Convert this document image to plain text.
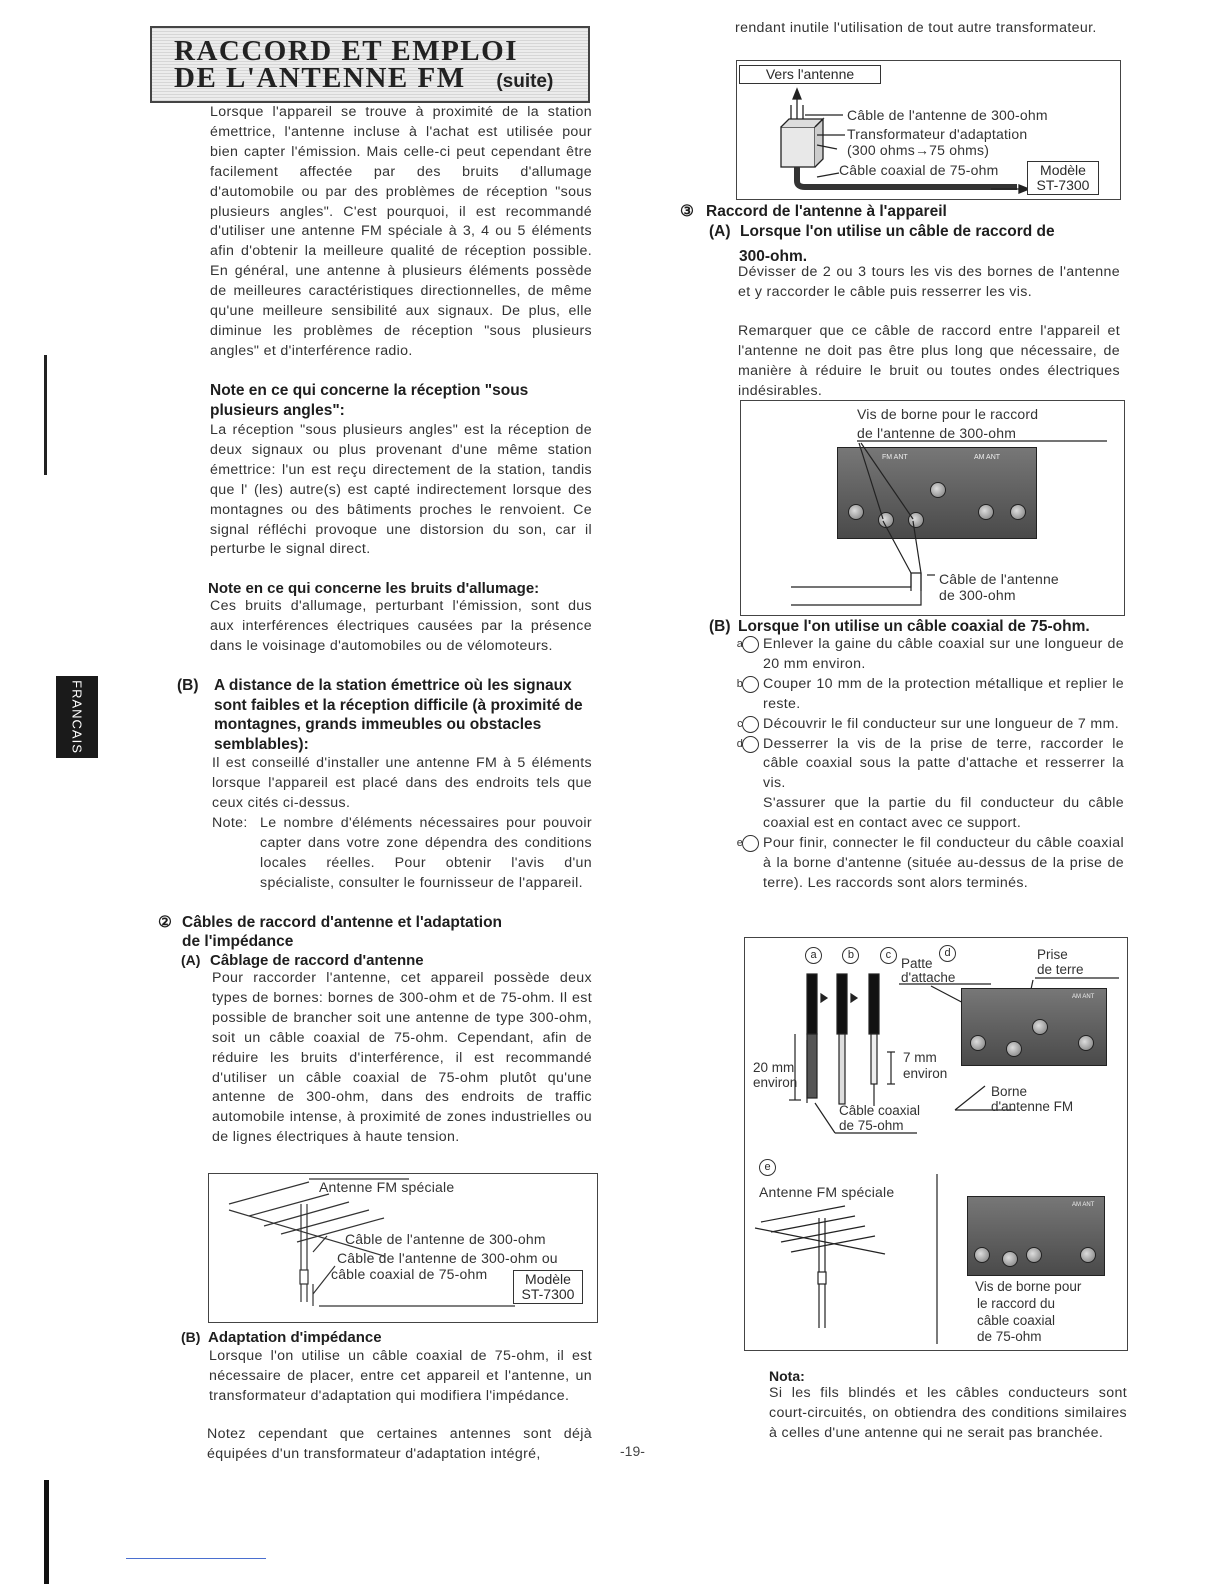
FRANCAIS
RACCORD ET EMPLOI
DE L'ANTENNE FM (suite)

Lorsque l'appareil se trouve à proximité de la station émettrice, l'antenne incluse à l'achat est utilisée pour bien capter l'émission. Mais celle-ci peut cependant être facilement affectée par des bruits d'allumage d'automobile ou par des problèmes de réception "sous plusieurs angles". C'est pourquoi, il est recommandé d'utiliser une antenne FM spéciale à 3, 4 ou 5 éléments afin d'obtenir la meilleure qualité de réception possible. En général, une antenne à plusieurs éléments possède de meilleures caractéristiques directionnelles, de même qu'une meilleure sensibilité aux signaux. De plus, elle diminue les problèmes de réception "sous plusieurs angles" et d'interférence radio.

Note en ce qui concerne la réception "sous plusieurs angles":

La réception "sous plusieurs angles" est la réception de deux signaux ou plus provenant d'une même station émettrice: l'un est reçu directement de la station, tandis que l' (les) autre(s) est capté indirectement lorsque des montagnes ou des bâtiments proches le renvoient. Ce signal réfléchi provoque une distorsion du son, car il perturbe le signal direct.

Note en ce qui concerne les bruits d'allumage:

Ces bruits d'allumage, perturbant l'émission, sont dus aux interférences électriques causées par la présence dans le voisinage d'automobiles ou de vélomoteurs.

(B) A distance de la station émettrice où les signaux sont faibles et la réception difficile (à proximité de montagnes, grands immeubles ou obstacles semblables):

Il est conseillé d'installer une antenne FM à 5 éléments lorsque l'appareil est placé dans des endroits tels que ceux cités ci-dessus.

Note: Le nombre d'éléments nécessaires pour pouvoir capter dans votre zone dépendra des conditions locales réelles. Pour obtenir l'avis d'un spécialiste, consulter le fournisseur de l'appareil.

② Câbles de raccord d'antenne et l'adaptation
de l'impédance
(A) Câblage de raccord d'antenne

Pour raccorder l'antenne, cet appareil possède deux types de bornes: bornes de 300-ohm et de 75-ohm. Il est possible de brancher soit une antenne de type 300-ohm, soit un câble coaxial de 75-ohm. Cependant, afin de réduire les bruits d'interférence, il est recommandé d'utiliser un câble coaxial de 75-ohm plutôt qu'une antenne de 300-ohm, dans des endroits de traffic automobile intense, à proximité de zones industrielles ou de lignes électriques à haute tension.

Antenne FM spéciale
Câble de l'antenne de 300-ohm
Câble de l'antenne de 300-ohm ou
câble coaxial de 75-ohm	Modèle
ST-7300
(B) Adaptation d'impédance

Lorsque l'on utilise un câble coaxial de 75-ohm, il est nécessaire de placer, entre cet appareil et l'antenne, un transformateur d'adaptation qui modifiera l'impédance.

Notez cependant que certaines antennes sont déjà équipées d'un transformateur d'adaptation intégré,	-19-

rendant inutile l'utilisation de tout autre transformateur.

Vers l'antenne
Câble de l'antenne de 300-ohm
Transformateur d'adaptation
(300 ohms→75 ohms)
Câble coaxial de 75-ohm	Modèle
ST-7300
③ Raccord de l'antenne à l'appareil
(A) Lorsque l'on utilise un câble de raccord de
300-ohm.

Dévisser de 2 ou 3 tours les vis des bornes de l'antenne et y raccorder le câble puis resserrer les vis.

Remarquer que ce câble de raccord entre l'appareil et l'antenne ne doit pas être plus long que nécessaire, de manière à réduire le bruit ou toutes ondes électriques indésirables.

Vis de borne pour le raccord
de l'antenne de 300-ohm
FM ANT	AM ANT
Câble de l'antenne
de 300-ohm
(B) Lorsque l'on utilise un câble coaxial de 75-ohm.
a Enlever la gaine du câble coaxial sur une longueur de 20 mm environ.
b Couper 10 mm de la protection métallique et replier le reste.
c Découvrir le fil conducteur sur une longueur de 7 mm.
d Desserrer la vis de la prise de terre, raccorder le câble coaxial sous la patte d'attache et resserrer la vis.
S'assurer que la partie du fil conducteur du câble coaxial est en contact avec ce support.
e Pour finir, connecter le fil conducteur du câble coaxial à la borne d'antenne (située au-dessus de la prise de terre). Les raccords sont alors terminés.
a	b	c
Patte
d
d'attache
Prise
de terre
20 mm
environ
7 mm
environ
Câble coaxial
de 75-ohm
Borne
d'antenne FM
AM ANT
e
Antenne FM spéciale
AM ANT
Vis de borne pour
le raccord du
câble coaxial
de 75-ohm
Nota:

Si les fils blindés et les câbles conducteurs sont court-circuités, on obtiendra des conditions similaires à celles d'une antenne qui ne serait pas branchée.
